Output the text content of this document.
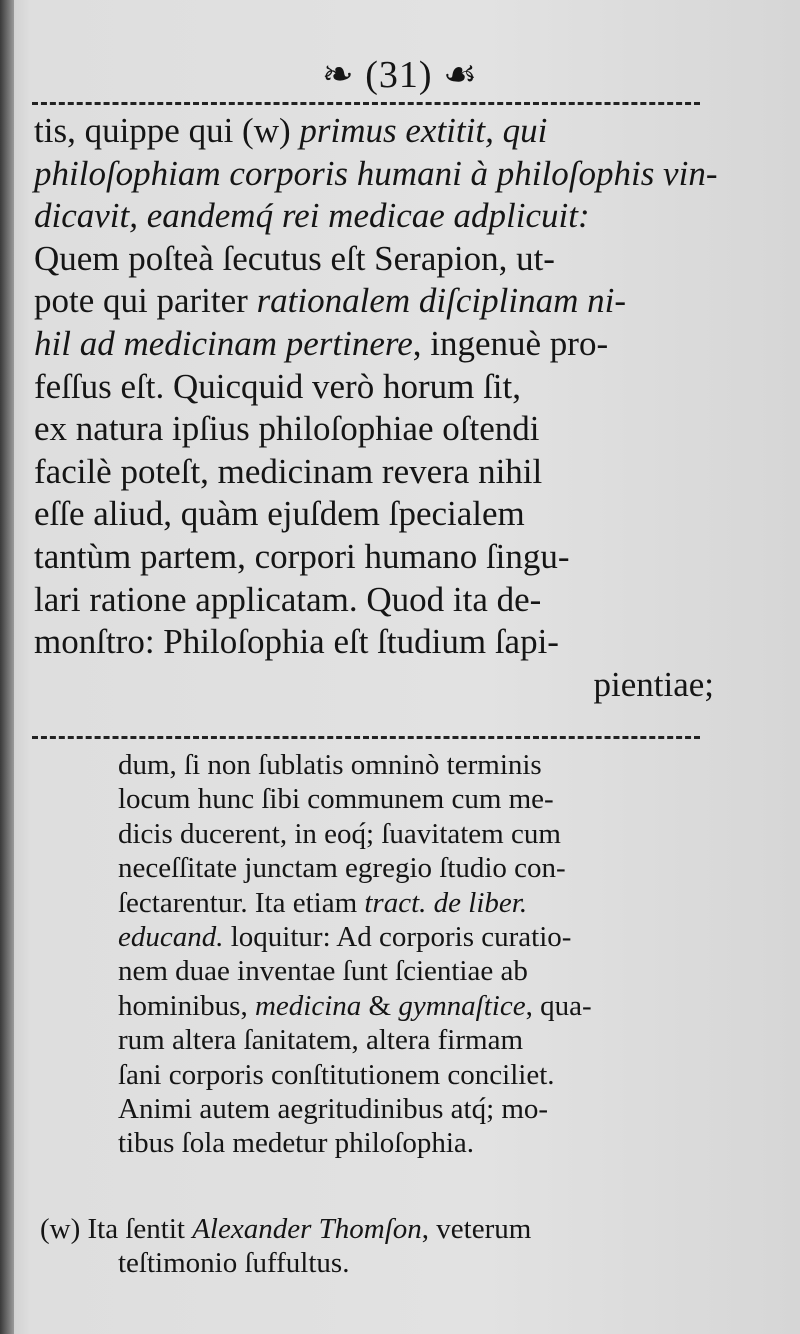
❧ (31) ☙
tis, quippe qui (w) primus extitit, qui
philoſophiam corporis humani à philoſophis vin-
dicavit, eandemq́ rei medicae adplicuit:
Quem poſteà ſecutus eſt Serapion, ut-
pote qui pariter rationalem diſciplinam ni-
hil ad medicinam pertinere, ingenuè pro-
feſſus eſt. Quicquid verò horum ſit,
ex natura ipſius philoſophiae oſtendi
facilè poteſt, medicinam revera nihil
eſſe aliud, quàm ejuſdem ſpecialem
tantùm partem, corpori humano ſingu-
lari ratione applicatam. Quod ita de-
monſtro: Philoſophia eſt ſtudium ſapi-
pientiae;
dum, ſi non ſublatis omninò terminis
locum hunc ſibi communem cum me-
dicis ducerent, in eoq́; ſuavitatem cum
neceſſitate junctam egregio ſtudio con-
ſectarentur. Ita etiam tract. de liber.
educand. loquitur: Ad corporis curatio-
nem duae inventae ſunt ſcientiae ab
hominibus, medicina & gymnaſtice, qua-
rum altera ſanitatem, altera firmam
ſani corporis conſtitutionem conciliet.
Animi autem aegritudinibus atq́; mo-
tibus ſola medetur philoſophia.
(w) Ita ſentit Alexander Thomſon, veterum
teſtimonio ſuffultus.
